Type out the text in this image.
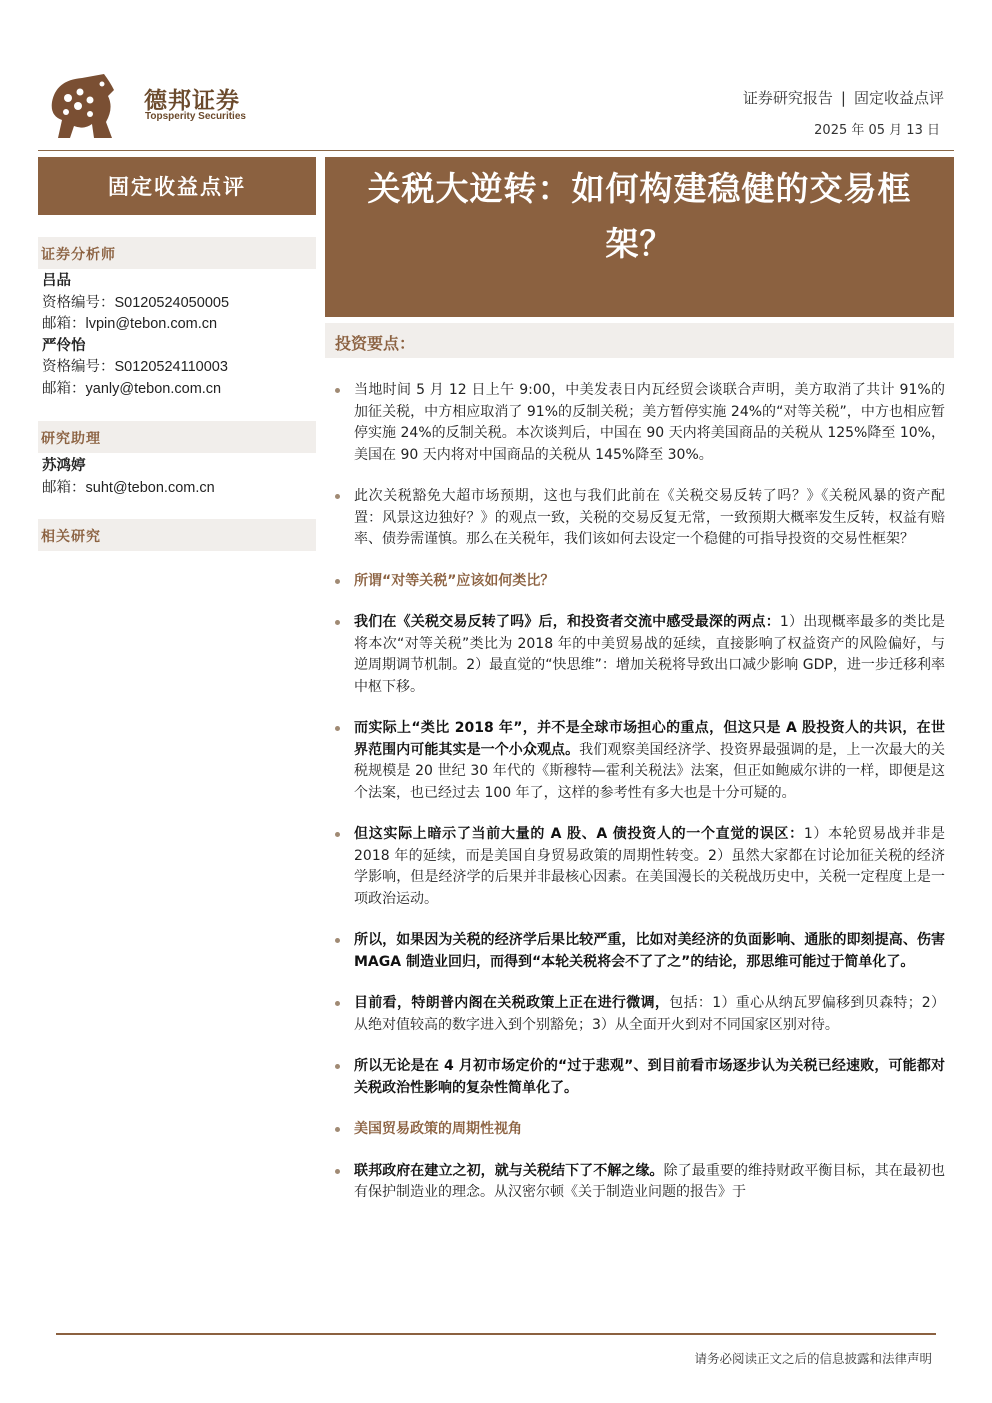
德邦证券
Topsperity Securities
证券研究报告 | 固定收益点评
2025 年 05 月 13 日
固定收益点评
证券分析师
吕品
资格编号：S0120524050005
邮箱：lvpin@tebon.com.cn
严伶怡
资格编号：S0120524110003
邮箱：yanly@tebon.com.cn
研究助理
苏鸿婷
邮箱：suht@tebon.com.cn
相关研究
关税大逆转：如何构建稳健的交易框架？
投资要点：
当地时间 5 月 12 日上午 9:00，中美发表日内瓦经贸会谈联合声明，美方取消了共计 91%的加征关税，中方相应取消了 91%的反制关税；美方暂停实施 24%的“对等关税”，中方也相应暂停实施 24%的反制关税。本次谈判后，中国在 90 天内将美国商品的关税从 125%降至 10%，美国在 90 天内将对中国商品的关税从 145%降至 30%。
此次关税豁免大超市场预期，这也与我们此前在《关税交易反转了吗？》《关税风暴的资产配置：风景这边独好？》的观点一致，关税的交易反复无常，一致预期大概率发生反转，权益有赔率、债券需谨慎。那么在关税年，我们该如何去设定一个稳健的可指导投资的交易性框架？
所谓“对等关税”应该如何类比？
我们在《关税交易反转了吗》后，和投资者交流中感受最深的两点：1）出现概率最多的类比是将本次“对等关税”类比为 2018 年的中美贸易战的延续，直接影响了权益资产的风险偏好，与逆周期调节机制。2）最直觉的“快思维”：增加关税将导致出口减少影响 GDP，进一步迁移利率中枢下移。
而实际上“类比 2018 年”，并不是全球市场担心的重点，但这只是 A 股投资人的共识，在世界范围内可能其实是一个小众观点。我们观察美国经济学、投资界最强调的是，上一次最大的关税规模是 20 世纪 30 年代的《斯穆特—霍利关税法》法案，但正如鲍威尔讲的一样，即便是这个法案，也已经过去 100 年了，这样的参考性有多大也是十分可疑的。
但这实际上暗示了当前大量的 A 股、A 债投资人的一个直觉的误区：1）本轮贸易战并非是 2018 年的延续，而是美国自身贸易政策的周期性转变。2）虽然大家都在讨论加征关税的经济学影响，但是经济学的后果并非最核心因素。在美国漫长的关税战历史中，关税一定程度上是一项政治运动。
所以，如果因为关税的经济学后果比较严重，比如对美经济的负面影响、通胀的即刻提高、伤害 MAGA 制造业回归，而得到“本轮关税将会不了了之”的结论，那思维可能过于简单化了。
目前看，特朗普内阁在关税政策上正在进行微调，包括：1）重心从纳瓦罗偏移到贝森特；2）从绝对值较高的数字进入到个别豁免；3）从全面开火到对不同国家区别对待。
所以无论是在 4 月初市场定价的“过于悲观”、到目前看市场逐步认为关税已经速败，可能都对关税政治性影响的复杂性简单化了。
美国贸易政策的周期性视角
联邦政府在建立之初，就与关税结下了不解之缘。除了最重要的维持财政平衡目标，其在最初也有保护制造业的理念。从汉密尔顿《关于制造业问题的报告》于
请务必阅读正文之后的信息披露和法律声明
